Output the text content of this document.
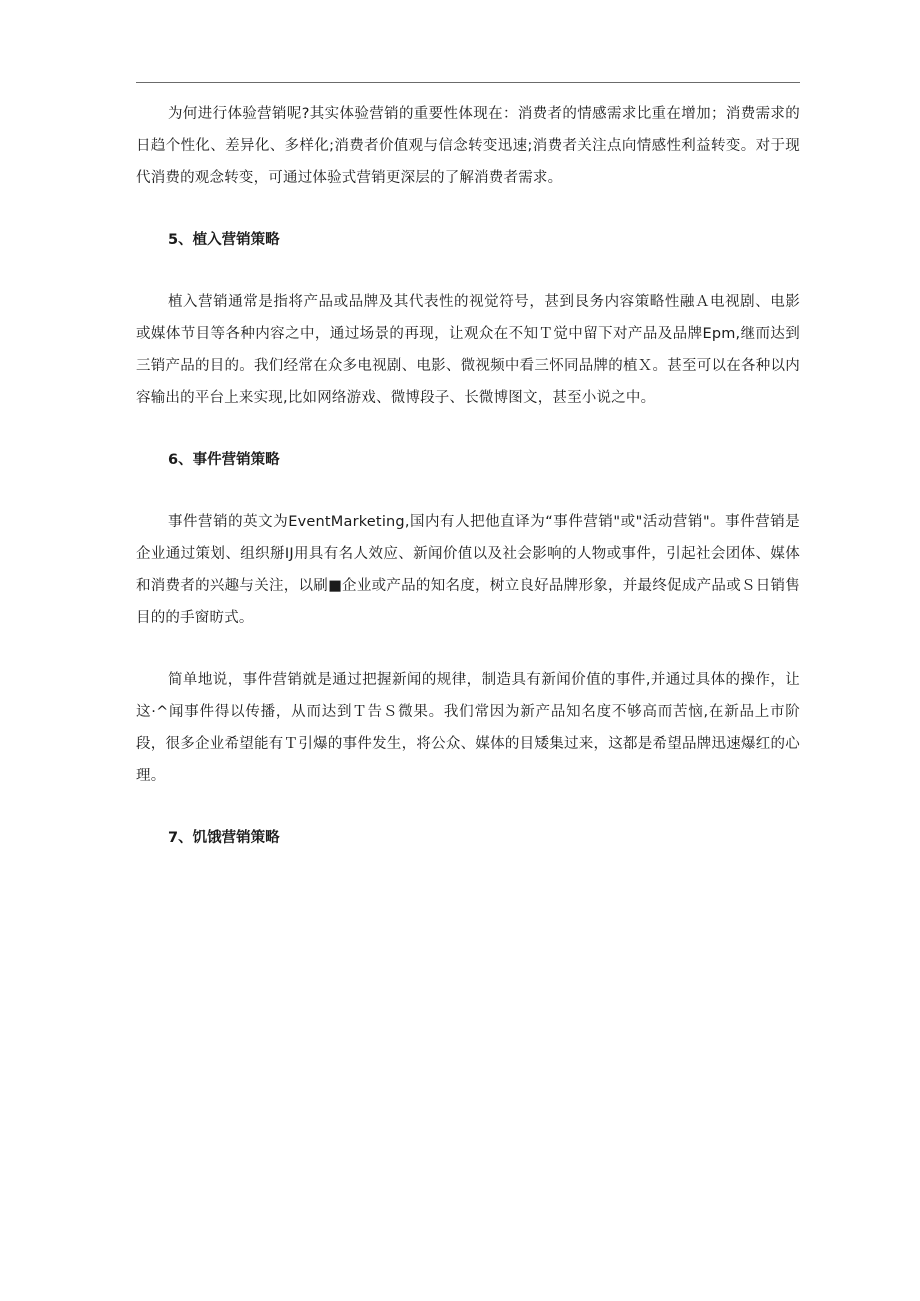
为何进行体验营销呢?其实体验营销的重要性体现在：消费者的情感需求比重在增加；消费需求的日趋个性化、差异化、多样化;消费者价值观与信念转变迅速;消费者关注点向情感性利益转变。对于现代消费的观念转变，可通过体验式营销更深层的了解消费者需求。

5、植入营销策略

植入营销通常是指将产品或品牌及其代表性的视觉符号，甚到艮务内容策略性融Ａ电视剧、电影或媒体节目等各种内容之中，通过场景的再现，让观众在不知Ｔ觉中留下对产品及品牌Epm,继而达到三销产品的目的。我们经常在众多电视剧、电影、微视频中看三怀同品牌的植Ｘ。甚至可以在各种以内容输出的平台上来实现,比如网络游戏、微博段子、长微博图文，甚至小说之中。

6、事件营销策略

事件营销的英文为EventMarketing,国内有人把他直译为“事件营销"或"活动营销"。事件营销是企业通过策划、组织掰IJ用具有名人效应、新闻价值以及社会影响的人物或事件，引起社会团体、媒体和消费者的兴趣与关注，以刷■企业或产品的知名度，树立良好品牌形象，并最终促成产品或Ｓ日销售目的的手窗昉式。

简单地说，事件营销就是通过把握新闻的规律，制造具有新闻价值的事件,并通过具体的操作，让这·^闻事件得以传播，从而达到Ｔ告Ｓ微果。我们常因为新产品知名度不够高而苦恼,在新品上市阶段，很多企业希望能有Ｔ引爆的事件发生，将公众、媒体的目矮集过来，这都是希望品牌迅速爆红的心理。

7、饥饿营销策略
